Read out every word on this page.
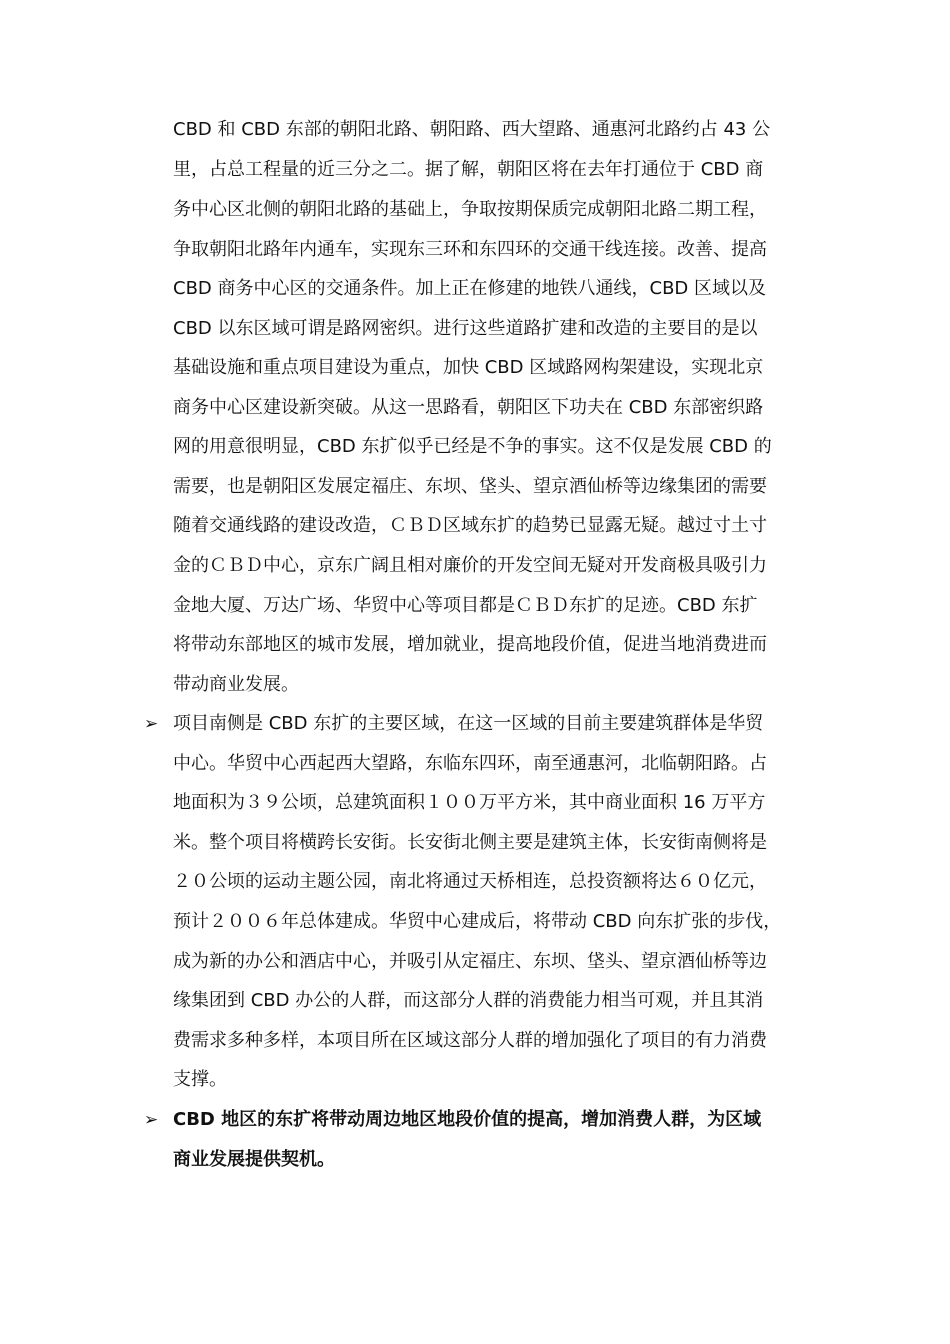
CBD 和 CBD 东部的朝阳北路、朝阳路、西大望路、通惠河北路约占 43 公
里，占总工程量的近三分之二。据了解，朝阳区将在去年打通位于 CBD 商
务中心区北侧的朝阳北路的基础上，争取按期保质完成朝阳北路二期工程，
争取朝阳北路年内通车，实现东三环和东四环的交通干线连接。改善、提高
CBD 商务中心区的交通条件。加上正在修建的地铁八通线，CBD 区域以及
CBD 以东区域可谓是路网密织。进行这些道路扩建和改造的主要目的是以
基础设施和重点项目建设为重点，加快 CBD 区域路网构架建设，实现北京
商务中心区建设新突破。从这一思路看，朝阳区下功夫在 CBD 东部密织路
网的用意很明显，CBD 东扩似乎已经是不争的事实。这不仅是发展 CBD 的
需要，也是朝阳区发展定福庄、东坝、垡头、望京酒仙桥等边缘集团的需要
随着交通线路的建设改造，ＣＢＤ区域东扩的趋势已显露无疑。越过寸土寸
金的ＣＢＤ中心，京东广阔且相对廉价的开发空间无疑对开发商极具吸引力
金地大厦、万达广场、华贸中心等项目都是ＣＢＤ东扩的足迹。CBD 东扩
将带动东部地区的城市发展，增加就业，提高地段价值，促进当地消费进而
带动商业发展。
➢ 项目南侧是 CBD 东扩的主要区域，在这一区域的目前主要建筑群体是华贸
中心。华贸中心西起西大望路，东临东四环，南至通惠河，北临朝阳路。占
地面积为３９公顷，总建筑面积１００万平方米，其中商业面积 16 万平方
米。整个项目将横跨长安街。长安街北侧主要是建筑主体，长安街南侧将是
２０公顷的运动主题公园，南北将通过天桥相连，总投资额将达６０亿元，
预计２００６年总体建成。华贸中心建成后，将带动 CBD 向东扩张的步伐，
成为新的办公和酒店中心，并吸引从定福庄、东坝、垡头、望京酒仙桥等边
缘集团到 CBD 办公的人群，而这部分人群的消费能力相当可观，并且其消
费需求多种多样，本项目所在区域这部分人群的增加强化了项目的有力消费
支撑。
➢ CBD 地区的东扩将带动周边地区地段价值的提高，增加消费人群，为区域
商业发展提供契机。
